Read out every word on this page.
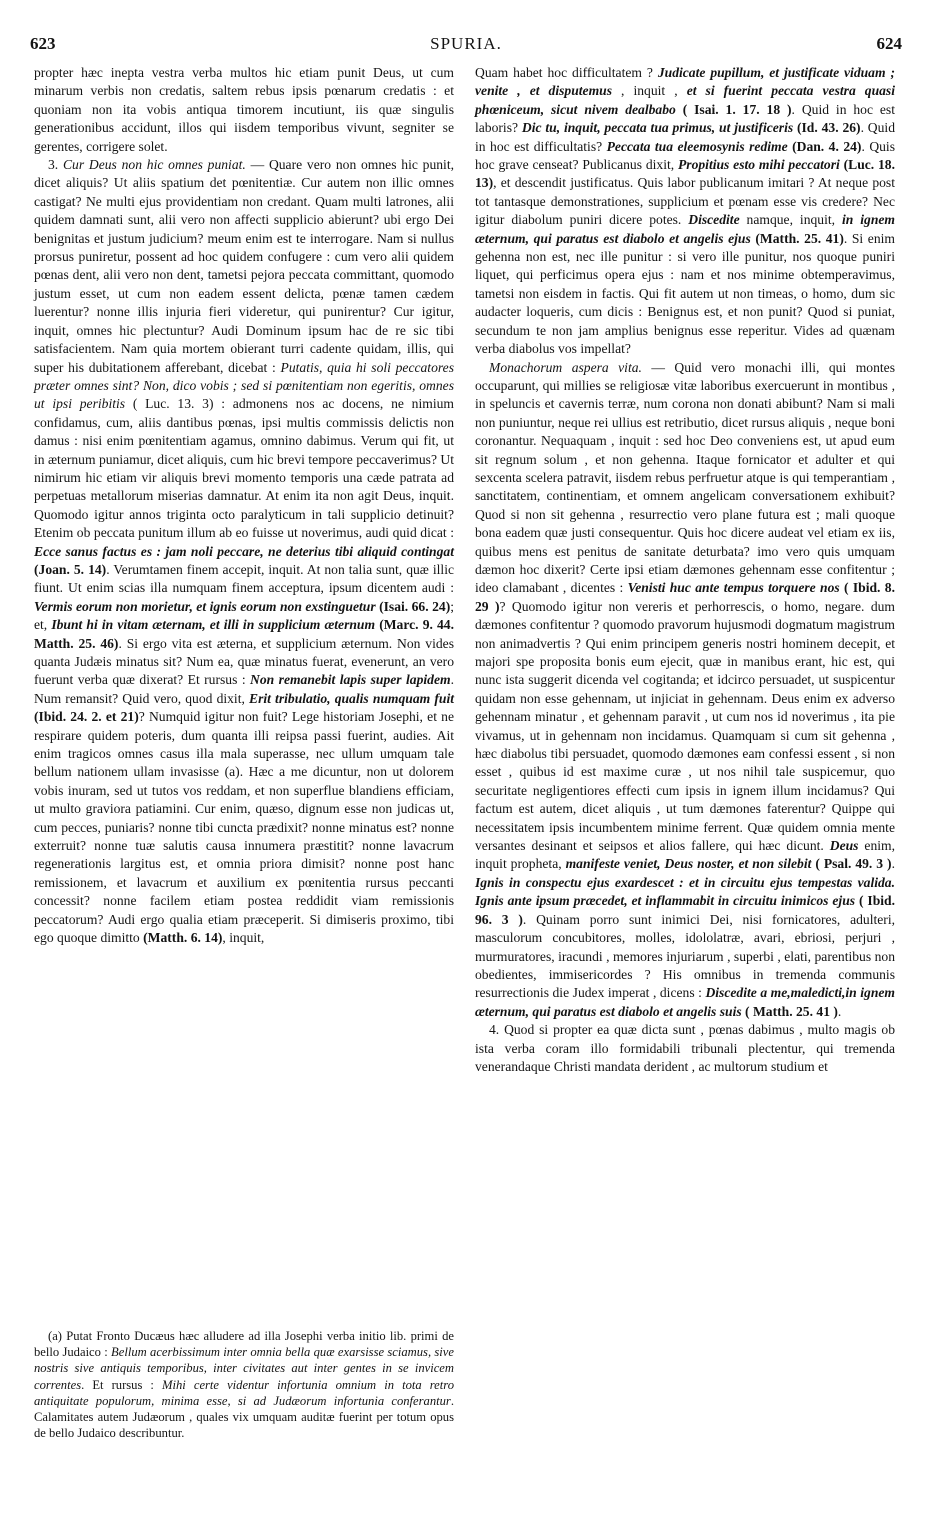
623	SPURIA.	624

propter hæc inepta vestra verba multos hic etiam punit Deus, ut cum minarum verbis non credatis, saltem rebus ipsis pœnarum credatis : et quoniam non ita vobis antiqua timorem incutiunt, iis quæ singulis generationibus accidunt, illos qui iisdem temporibus vivunt, segniter se gerentes, corrigere solet.

3. Cur Deus non hic omnes puniat. — Quare vero non omnes hic punit, dicet aliquis? Ut aliis spatium det pœnitentiæ. Cur autem non illic omnes castigat? Ne multi ejus providentiam non credant. Quam multi latrones, alii quidem damnati sunt, alii vero non affecti supplicio abierunt? ubi ergo Dei benignitas et justum judicium? meum enim est te interrogare. Nam si nullus prorsus puniretur, possent ad hoc quidem confugere : cum vero alii quidem pœnas dent, alii vero non dent, tametsi pejora peccata committant, quomodo justum esset, ut cum non eadem essent delicta, pœnæ tamen cædem luerentur? nonne illis injuria fieri videretur, qui punirentur? Cur igitur, inquit, omnes hic plectuntur? Audi Dominum ipsum hac de re sic tibi satisfacientem. Nam quia mortem obierant turri cadente quidam, illis, qui super his dubitationem afferebant, dicebat : Putatis, quia hi soli peccatores præter omnes sint? Non, dico vobis ; sed si pœnitentiam non egeritis, omnes ut ipsi peribitis ( Luc. 13. 3) : admonens nos ac docens, ne nimium confidamus, cum, aliis dantibus pœnas, ipsi multis commissis delictis non damus : nisi enim pœnitentiam agamus, omnino dabimus. Verum qui fit, ut in æternum puniamur, dicet aliquis, cum hic brevi tempore peccaverimus? Ut nimirum hic etiam vir aliquis brevi momento temporis una cæde patrata ad perpetuas metallorum miserias damnatur. At enim ita non agit Deus, inquit. Quomodo igitur annos triginta octo paralyticum in tali supplicio detinuit? Etenim ob peccata punitum illum ab eo fuisse ut noverimus, audi quid dicat : Ecce sanus factus es : jam noli peccare, ne deterius tibi aliquid contingat (Joan. 5. 14). Verumtamen finem accepit, inquit. At non talia sunt, quæ illic fiunt. Ut enim scias illa numquam finem acceptura, ipsum dicentem audi : Vermis eorum non morietur, et ignis eorum non exstinguetur (Isai. 66. 24); et, Ibunt hi in vitam æternam, et illi in supplicium æternum (Marc. 9. 44. Matth. 25. 46). Si ergo vita est æterna, et supplicium æternum. Non vides quanta Judæis minatus sit? Num ea, quæ minatus fuerat, evenerunt, an vero fuerunt verba quæ dixerat? Et rursus : Non remanebit lapis super lapidem. Num remansit? Quid vero, quod dixit, Erit tribulatio, qualis numquam fuit (Ibid. 24. 2. et 21)? Numquid igitur non fuit? Lege historiam Josephi, et ne respirare quidem poteris, dum quanta illi reipsa passi fuerint, audies. Ait enim tragicos omnes casus illa mala superasse, nec ullum umquam tale bellum nationem ullam invasisse (a). Hæc a me dicuntur, non ut dolorem vobis inuram, sed ut tutos vos reddam, et non superflue blandiens efficiam, ut multo graviora patiamini. Cur enim, quæso, dignum esse non judicas ut, cum pecces, puniaris? nonne tibi cuncta prædixit? nonne minatus est? nonne exterruit? nonne tuæ salutis causa innumera præstitit? nonne lavacrum regenerationis largitus est, et omnia priora dimisit? nonne post hanc remissionem, et lavacrum et auxilium ex pœnitentia rursus peccanti concessit? nonne facilem etiam postea reddidit viam remissionis peccatorum? Audi ergo qualia etiam præceperit. Si dimiseris proximo, tibi ego quoque dimitto (Matth. 6. 14), inquit,

(a) Putat Fronto Ducæus hæc alludere ad illa Josephi verba initio lib. primi de bello Judaico : Bellum acerbissimum inter omnia bella quæ exarsisse sciamus, sive nostris sive antiquis temporibus, inter civitates aut inter gentes in se invicem correntes. Et rursus : Mihi certe videntur infortunia omnium in tota retro antiquitate populorum, minima esse, si ad Judæorum infortunia conferantur. Calamitates autem Judæorum , quales vix umquam auditæ fuerint per totum opus de bello Judaico describuntur.

Quam habet hoc difficultatem ? Judicate pupillum, et justificate viduam ; venite , et disputemus , inquit , et si fuerint peccata vestra quasi phœniceum, sicut nivem dealbabo ( Isai. 1. 17. 18 ). Quid in hoc est laboris? Dic tu, inquit, peccata tua primus, ut justificeris (Id. 43. 26). Quid in hoc est difficultatis? Peccata tua eleemosynis redime (Dan. 4. 24). Quis hoc grave censeat? Publicanus dixit, Propitius esto mihi peccatori (Luc. 18. 13), et descendit justificatus. Quis labor publicanum imitari ? At neque post tot tantasque demonstrationes, supplicium et pœnam esse vis credere? Nec igitur diabolum puniri dicere potes. Discedite namque, inquit, in ignem æternum, qui paratus est diabolo et angelis ejus (Matth. 25. 41). Si enim gehenna non est, nec ille punitur : si vero ille punitur, nos quoque puniri liquet, qui perficimus opera ejus : nam et nos minime obtemperavimus, tametsi non eisdem in factis. Qui fit autem ut non timeas, o homo, dum sic audacter loqueris, cum dicis : Benignus est, et non punit? Quod si puniat, secundum te non jam amplius benignus esse reperitur. Vides ad quænam verba diabolus vos impellat?

Monachorum aspera vita. — Quid vero monachi illi, qui montes occuparunt, qui millies se religiosæ vitæ laboribus exercuerunt in montibus , in speluncis et cavernis terræ, num corona non donati abibunt? Nam si mali non puniuntur, neque rei ullius est retributio, dicet rursus aliquis , neque boni coronantur. Nequaquam , inquit : sed hoc Deo conveniens est, ut apud eum sit regnum solum , et non gehenna. Itaque fornicator et adulter et qui sexcenta scelera patravit, iisdem rebus perfruetur atque is qui temperantiam , sanctitatem, continentiam, et omnem angelicam conversationem exhibuit? Quod si non sit gehenna , resurrectio vero plane futura est ; mali quoque bona eadem quæ justi consequentur. Quis hoc dicere audeat vel etiam ex iis, quibus mens est penitus de sanitate deturbata? imo vero quis umquam dæmon hoc dixerit? Certe ipsi etiam dæmones gehennam esse confitentur ; ideo clamabant , dicentes : Venisti huc ante tempus torquere nos ( Ibid. 8. 29 )? Quomodo igitur non vereris et perhorrescis, o homo, negare. dum dæmones confitentur ? quomodo pravorum hujusmodi dogmatum magistrum non animadvertis ? Qui enim principem generis nostri hominem decepit, et majori spe proposita bonis eum ejecit, quæ in manibus erant, hic est, qui nunc ista suggerit dicenda vel cogitanda; et idcirco persuadet, ut suspicentur quidam non esse gehennam, ut injiciat in gehennam. Deus enim ex adverso gehennam minatur , et gehennam paravit , ut cum nos id noverimus , ita pie vivamus, ut in gehennam non incidamus. Quamquam si cum sit gehenna , hæc diabolus tibi persuadet, quomodo dæmones eam confessi essent , si non esset , quibus id est maxime curæ , ut nos nihil tale suspicemur, quo securitate negligentiores effecti cum ipsis in ignem illum incidamus? Qui factum est autem, dicet aliquis , ut tum dæmones faterentur? Quippe qui necessitatem ipsis incumbentem minime ferrent. Quæ quidem omnia mente versantes desinant et seipsos et alios fallere, qui hæc dicunt. Deus enim, inquit propheta, manifeste veniet, Deus noster, et non silebit ( Psal. 49. 3 ). Ignis in conspectu ejus exardescet : et in circuitu ejus tempestas valida. Ignis ante ipsum præcedet, et inflammabit in circuitu inimicos ejus ( Ibid. 96. 3 ). Quinam porro sunt inimici Dei, nisi fornicatores, adulteri, masculorum concubitores, molles, idololatræ, avari, ebriosi, perjuri , murmuratores, iracundi , memores injuriarum , superbi , elati, parentibus non obedientes, immisericordes ? His omnibus in tremenda communis resurrectionis die Judex imperat , dicens : Discedite a me,maledicti,in ignem æternum, qui paratus est diabolo et angelis suis ( Matth. 25. 41 ).

4. Quod si propter ea quæ dicta sunt , pœnas dabimus , multo magis ob ista verba coram illo formidabili tribunali plectentur, qui tremenda venerandaque Christi mandata derident , ac multorum studium et
